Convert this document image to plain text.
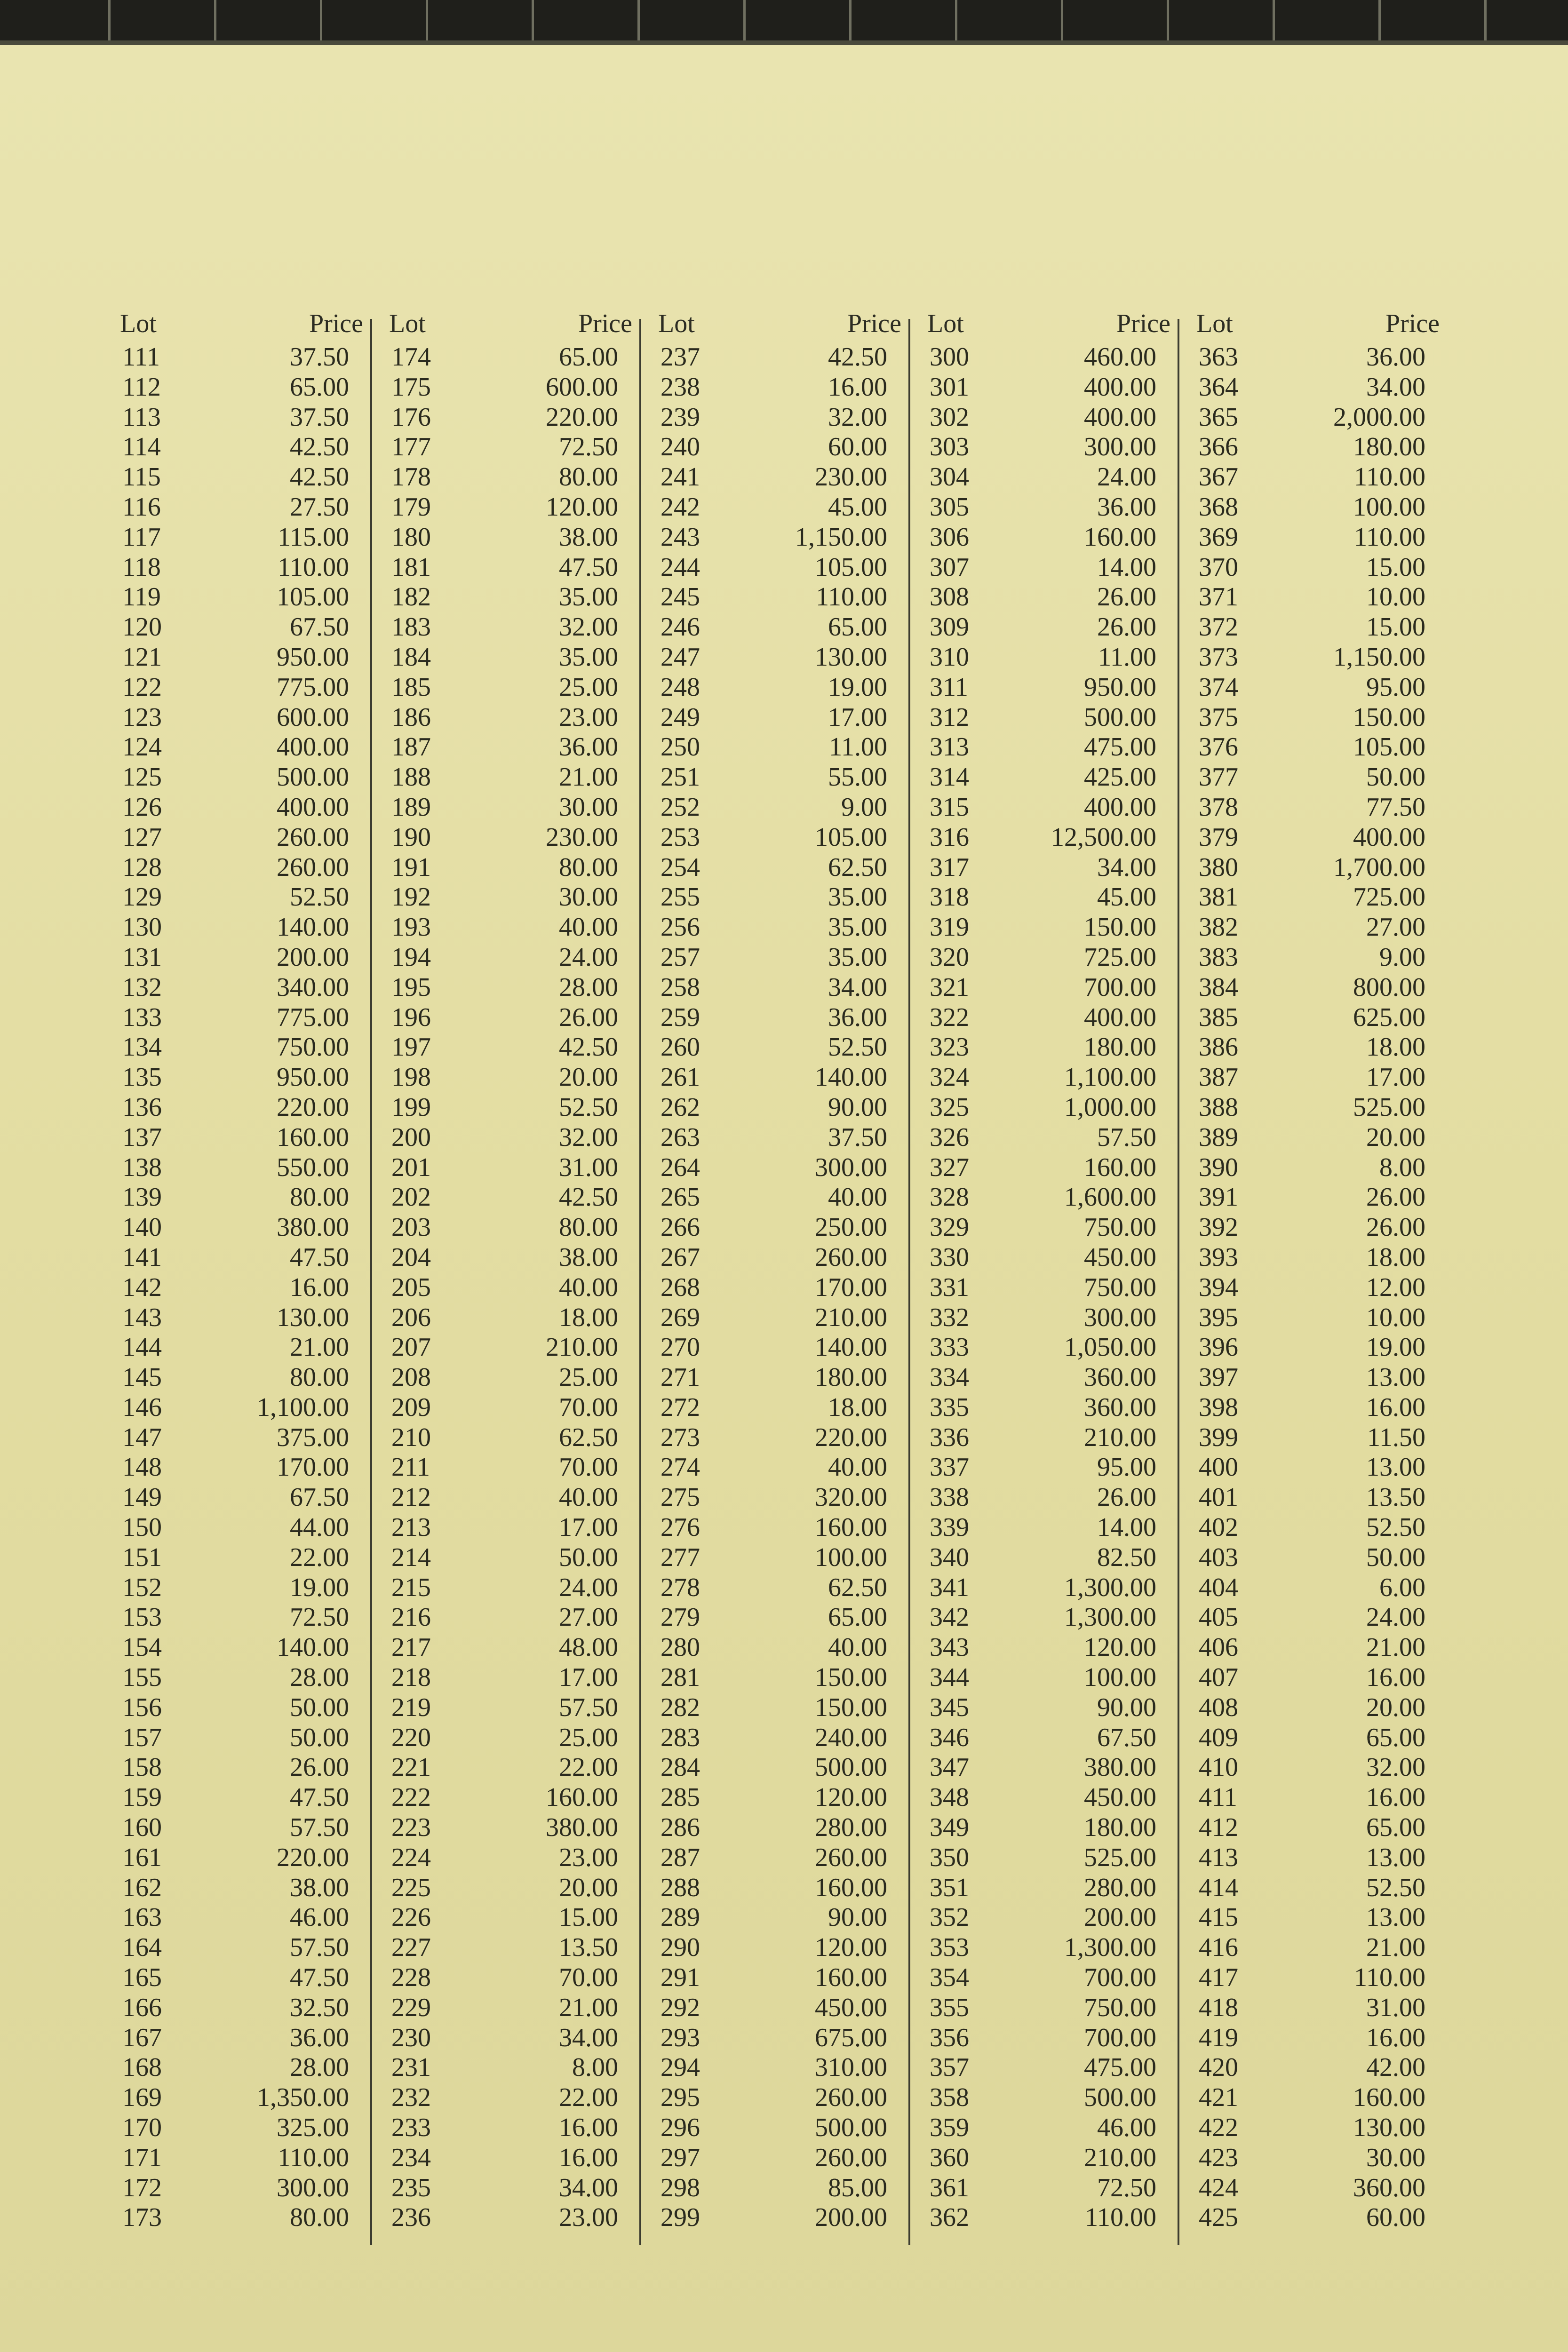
Lot	Price
111	37.50
112	65.00
113	37.50
114	42.50
115	42.50
116	27.50
117	115.00
118	110.00
119	105.00
120	67.50
121	950.00
122	775.00
123	600.00
124	400.00
125	500.00
126	400.00
127	260.00
128	260.00
129	52.50
130	140.00
131	200.00
132	340.00
133	775.00
134	750.00
135	950.00
136	220.00
137	160.00
138	550.00
139	80.00
140	380.00
141	47.50
142	16.00
143	130.00
144	21.00
145	80.00
146	1,100.00
147	375.00
148	170.00
149	67.50
150	44.00
151	22.00
152	19.00
153	72.50
154	140.00
155	28.00
156	50.00
157	50.00
158	26.00
159	47.50
160	57.50
161	220.00
162	38.00
163	46.00
164	57.50
165	47.50
166	32.50
167	36.00
168	28.00
169	1,350.00
170	325.00
171	110.00
172	300.00
173	80.00
Lot	Price
174	65.00
175	600.00
176	220.00
177	72.50
178	80.00
179	120.00
180	38.00
181	47.50
182	35.00
183	32.00
184	35.00
185	25.00
186	23.00
187	36.00
188	21.00
189	30.00
190	230.00
191	80.00
192	30.00
193	40.00
194	24.00
195	28.00
196	26.00
197	42.50
198	20.00
199	52.50
200	32.00
201	31.00
202	42.50
203	80.00
204	38.00
205	40.00
206	18.00
207	210.00
208	25.00
209	70.00
210	62.50
211	70.00
212	40.00
213	17.00
214	50.00
215	24.00
216	27.00
217	48.00
218	17.00
219	57.50
220	25.00
221	22.00
222	160.00
223	380.00
224	23.00
225	20.00
226	15.00
227	13.50
228	70.00
229	21.00
230	34.00
231	8.00
232	22.00
233	16.00
234	16.00
235	34.00
236	23.00
Lot	Price
237	42.50
238	16.00
239	32.00
240	60.00
241	230.00
242	45.00
243	1,150.00
244	105.00
245	110.00
246	65.00
247	130.00
248	19.00
249	17.00
250	11.00
251	55.00
252	9.00
253	105.00
254	62.50
255	35.00
256	35.00
257	35.00
258	34.00
259	36.00
260	52.50
261	140.00
262	90.00
263	37.50
264	300.00
265	40.00
266	250.00
267	260.00
268	170.00
269	210.00
270	140.00
271	180.00
272	18.00
273	220.00
274	40.00
275	320.00
276	160.00
277	100.00
278	62.50
279	65.00
280	40.00
281	150.00
282	150.00
283	240.00
284	500.00
285	120.00
286	280.00
287	260.00
288	160.00
289	90.00
290	120.00
291	160.00
292	450.00
293	675.00
294	310.00
295	260.00
296	500.00
297	260.00
298	85.00
299	200.00
Lot	Price
300	460.00
301	400.00
302	400.00
303	300.00
304	24.00
305	36.00
306	160.00
307	14.00
308	26.00
309	26.00
310	11.00
311	950.00
312	500.00
313	475.00
314	425.00
315	400.00
316	12,500.00
317	34.00
318	45.00
319	150.00
320	725.00
321	700.00
322	400.00
323	180.00
324	1,100.00
325	1,000.00
326	57.50
327	160.00
328	1,600.00
329	750.00
330	450.00
331	750.00
332	300.00
333	1,050.00
334	360.00
335	360.00
336	210.00
337	95.00
338	26.00
339	14.00
340	82.50
341	1,300.00
342	1,300.00
343	120.00
344	100.00
345	90.00
346	67.50
347	380.00
348	450.00
349	180.00
350	525.00
351	280.00
352	200.00
353	1,300.00
354	700.00
355	750.00
356	700.00
357	475.00
358	500.00
359	46.00
360	210.00
361	72.50
362	110.00
Lot	Price
363	36.00
364	34.00
365	2,000.00
366	180.00
367	110.00
368	100.00
369	110.00
370	15.00
371	10.00
372	15.00
373	1,150.00
374	95.00
375	150.00
376	105.00
377	50.00
378	77.50
379	400.00
380	1,700.00
381	725.00
382	27.00
383	9.00
384	800.00
385	625.00
386	18.00
387	17.00
388	525.00
389	20.00
390	8.00
391	26.00
392	26.00
393	18.00
394	12.00
395	10.00
396	19.00
397	13.00
398	16.00
399	11.50
400	13.00
401	13.50
402	52.50
403	50.00
404	6.00
405	24.00
406	21.00
407	16.00
408	20.00
409	65.00
410	32.00
411	16.00
412	65.00
413	13.00
414	52.50
415	13.00
416	21.00
417	110.00
418	31.00
419	16.00
420	42.00
421	160.00
422	130.00
423	30.00
424	360.00
425	60.00
